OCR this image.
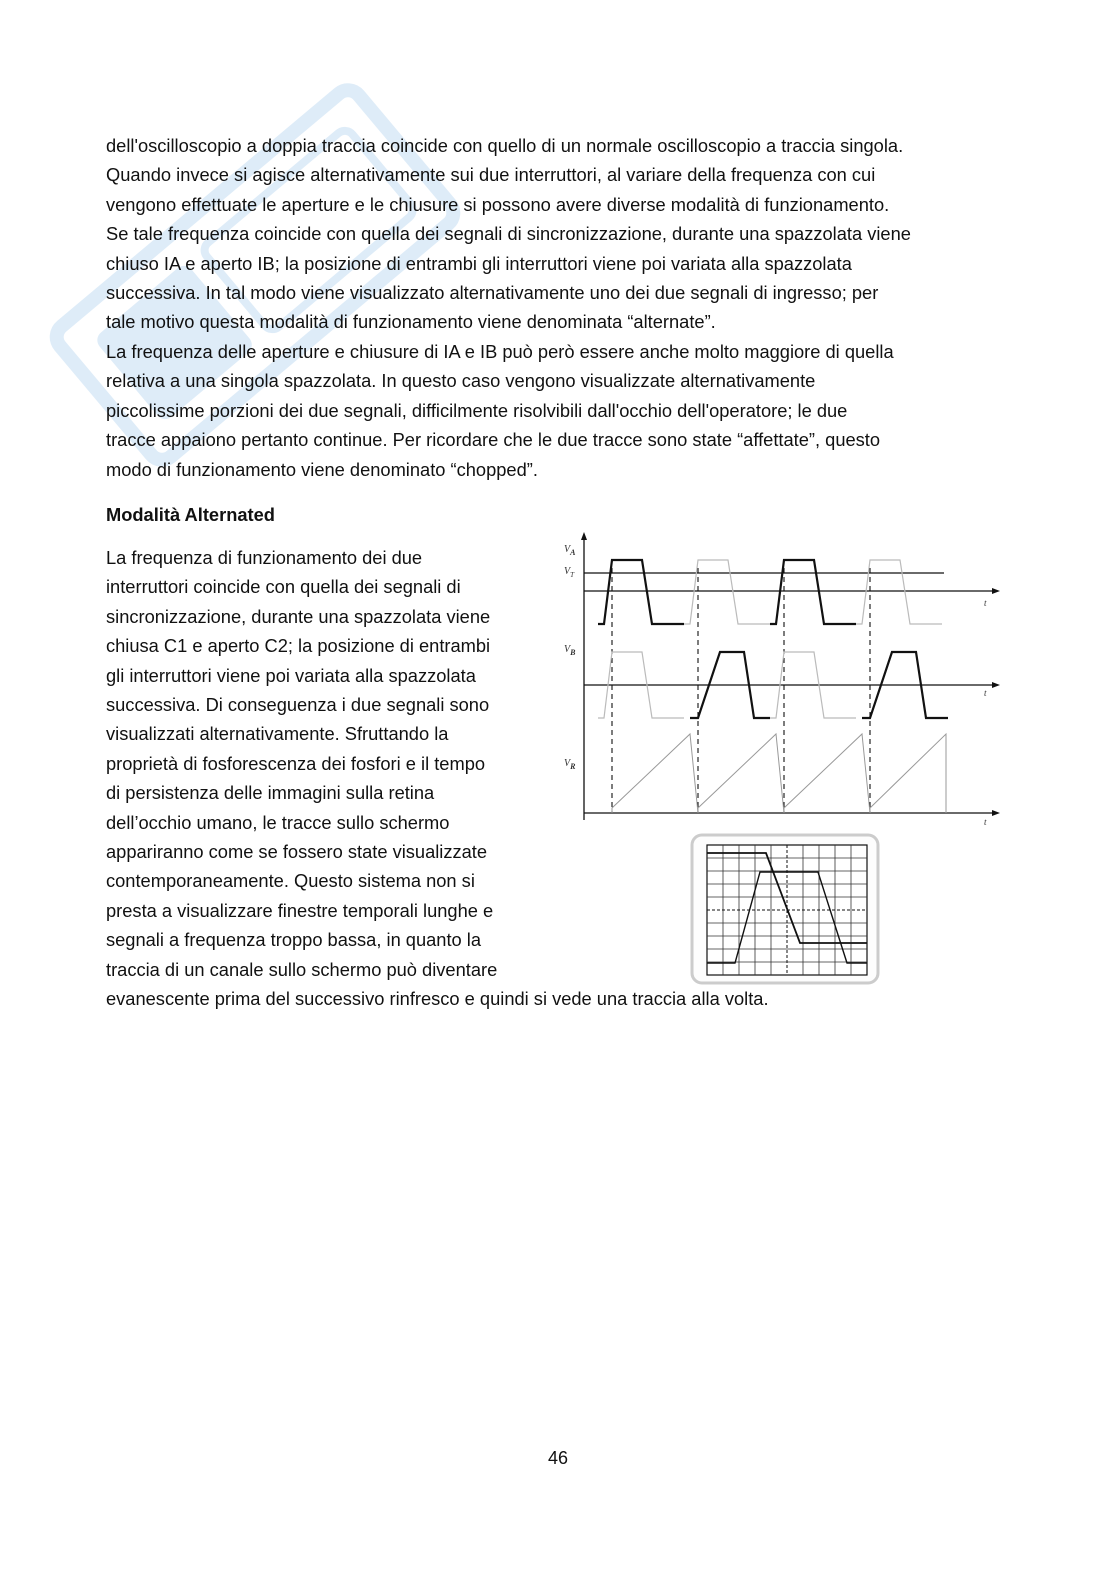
dell'oscilloscopio a doppia traccia coincide con quello di un normale oscilloscopio a traccia singola.
Quando invece si agisce alternativamente sui due interruttori, al variare della frequenza con cui
vengono effettuate le aperture e le chiusure si possono avere diverse modalità di funzionamento.
Se tale frequenza coincide con quella dei segnali di sincronizzazione, durante una spazzolata viene
chiuso IA e aperto IB; la posizione di entrambi gli interruttori viene poi variata alla spazzolata
successiva. In tal modo viene visualizzato alternativamente uno dei due segnali di ingresso; per
tale motivo questa modalità di funzionamento viene denominata “alternate”.

La frequenza delle aperture e chiusure di IA e IB può però essere anche molto maggiore di quella
relativa a una singola spazzolata. In questo caso vengono visualizzate alternativamente
piccolissime porzioni dei due segnali, difficilmente risolvibili dall'occhio dell'operatore; le due
tracce appaiono pertanto continue. Per ricordare che le due tracce sono state “affettate”, questo
modo di funzionamento viene denominato “chopped”.

Modalità Alternated

La frequenza di funzionamento dei due
interruttori coincide con quella dei segnali di
sincronizzazione, durante una spazzolata viene
chiusa C1 e aperto C2; la posizione di entrambi
gli interruttori viene poi variata alla spazzolata
successiva. Di conseguenza i due segnali sono
visualizzati alternativamente. Sfruttando la
proprietà di fosforescenza dei fosfori e il tempo
di persistenza delle immagini sulla retina
dell’occhio umano, le tracce sullo schermo
appariranno come se fossero state visualizzate
contemporaneamente. Questo sistema non si
presta a visualizzare finestre temporali lunghe e
segnali a frequenza troppo bassa, in quanto la
traccia di un canale sullo schermo può diventare

$V_A$
$V_T$
$V_B$
$V_R$
t
t
t

evanescente prima del successivo rinfresco e quindi si vede una traccia alla volta.

46
